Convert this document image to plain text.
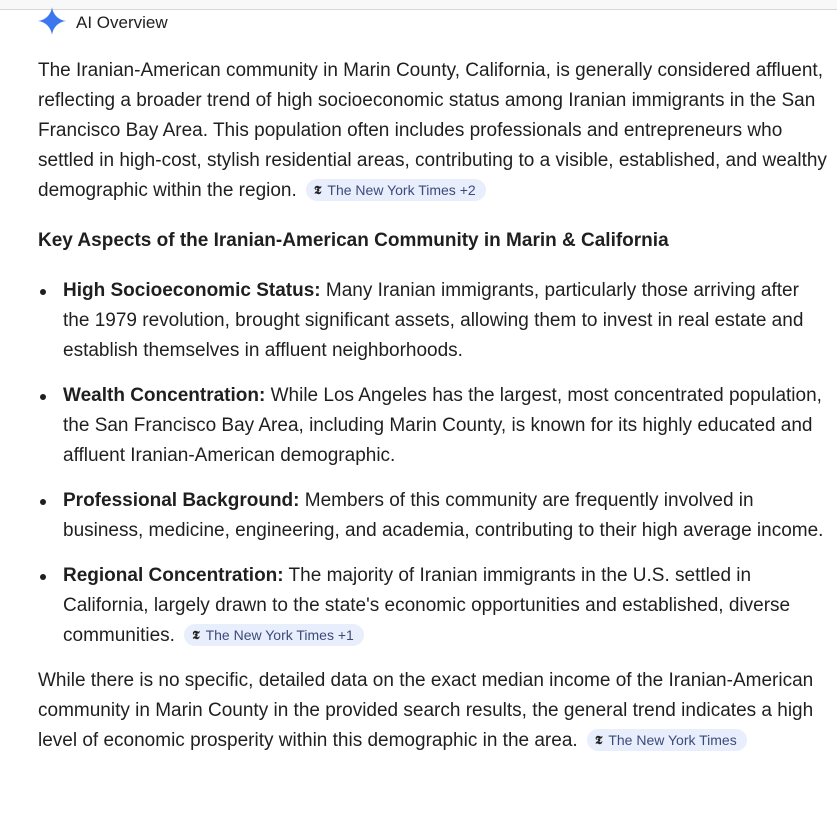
AI Overview

The Iranian-American community in Marin County, California, is generally considered affluent, reflecting a broader trend of high socioeconomic status among Iranian immigrants in the San Francisco Bay Area. This population often includes professionals and entrepreneurs who settled in high-cost, stylish residential areas, contributing to a visible, established, and wealthy demographic within the region. 𝕿 The New York Times +2

Key Aspects of the Iranian-American Community in Marin & California
High Socioeconomic Status: Many Iranian immigrants, particularly those arriving after the 1979 revolution, brought significant assets, allowing them to invest in real estate and establish themselves in affluent neighborhoods.
Wealth Concentration: While Los Angeles has the largest, most concentrated population, the San Francisco Bay Area, including Marin County, is known for its highly educated and affluent Iranian-American demographic.
Professional Background: Members of this community are frequently involved in business, medicine, engineering, and academia, contributing to their high average income.
Regional Concentration: The majority of Iranian immigrants in the U.S. settled in California, largely drawn to the state's economic opportunities and established, diverse communities. 𝕿 The New York Times +1

While there is no specific, detailed data on the exact median income of the Iranian-American community in Marin County in the provided search results, the general trend indicates a high level of economic prosperity within this demographic in the area. 𝕿 The New York Times
